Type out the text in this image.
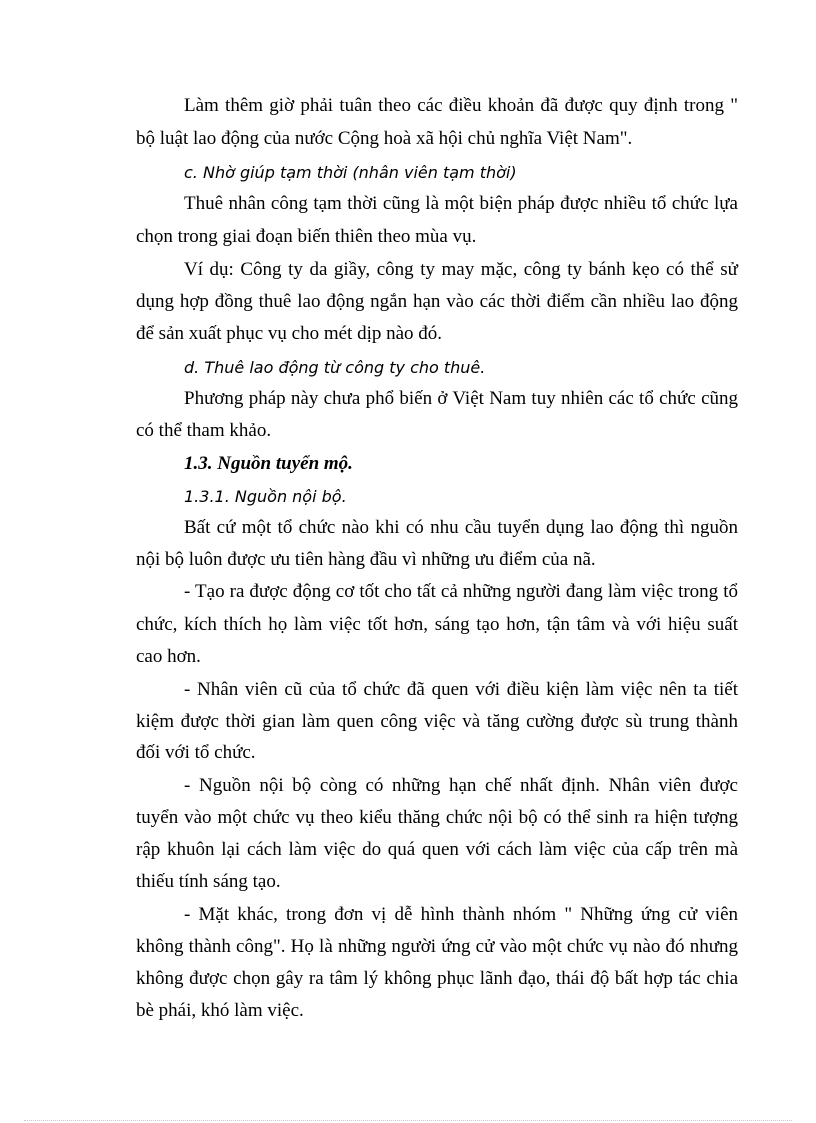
Làm thêm giờ phải tuân theo các điều khoản đã được quy định trong "
bộ luật lao động của nước Cộng hoà xã hội chủ nghĩa Việt Nam".
c. Nhờ giúp tạm thời (nhân viên tạm thời)
Thuê nhân công tạm thời cũng là một biện pháp được nhiều tổ chức lựa
chọn trong giai đoạn biến thiên theo mùa vụ.
Ví dụ: Công ty da giầy, công ty may mặc, công ty bánh kẹo có thể sử
dụng hợp đồng thuê lao động ngắn hạn vào các thời điểm cần nhiều lao động
để sản xuất phục vụ cho mét dịp nào đó.
d. Thuê lao động từ công ty cho thuê.
Phương pháp này chưa phổ biến ở Việt Nam tuy nhiên các tổ chức cũng
có thể tham khảo.
1.3. Nguồn tuyển mộ.
1.3.1. Nguồn nội bộ.
Bất cứ một tổ chức nào khi có nhu cầu tuyển dụng lao động thì nguồn
nội bộ luôn được ưu tiên hàng đầu vì những ưu điểm của nã.
- Tạo ra được động cơ tốt cho tất cả những người đang làm việc trong tổ
chức, kích thích họ làm việc tốt hơn, sáng tạo hơn, tận tâm và với hiệu suất
cao hơn.
- Nhân viên cũ của tổ chức đã quen với điều kiện làm việc nên ta tiết
kiệm được thời gian làm quen công việc và tăng cường được sù trung thành
đối với tổ chức.
- Nguồn nội bộ còng có những hạn chế nhất định. Nhân viên được
tuyển vào một chức vụ theo kiểu thăng chức nội bộ có thể sinh ra hiện tượng
rập khuôn lại cách làm việc do quá quen với cách làm việc của cấp trên mà
thiếu tính sáng tạo.
- Mặt khác, trong đơn vị dễ hình thành nhóm " Những ứng cử viên
không thành công". Họ là những người ứng cử vào một chức vụ nào đó nhưng
không được chọn gây ra tâm lý không phục lãnh đạo, thái độ bất hợp tác chia
bè phái, khó làm việc.
